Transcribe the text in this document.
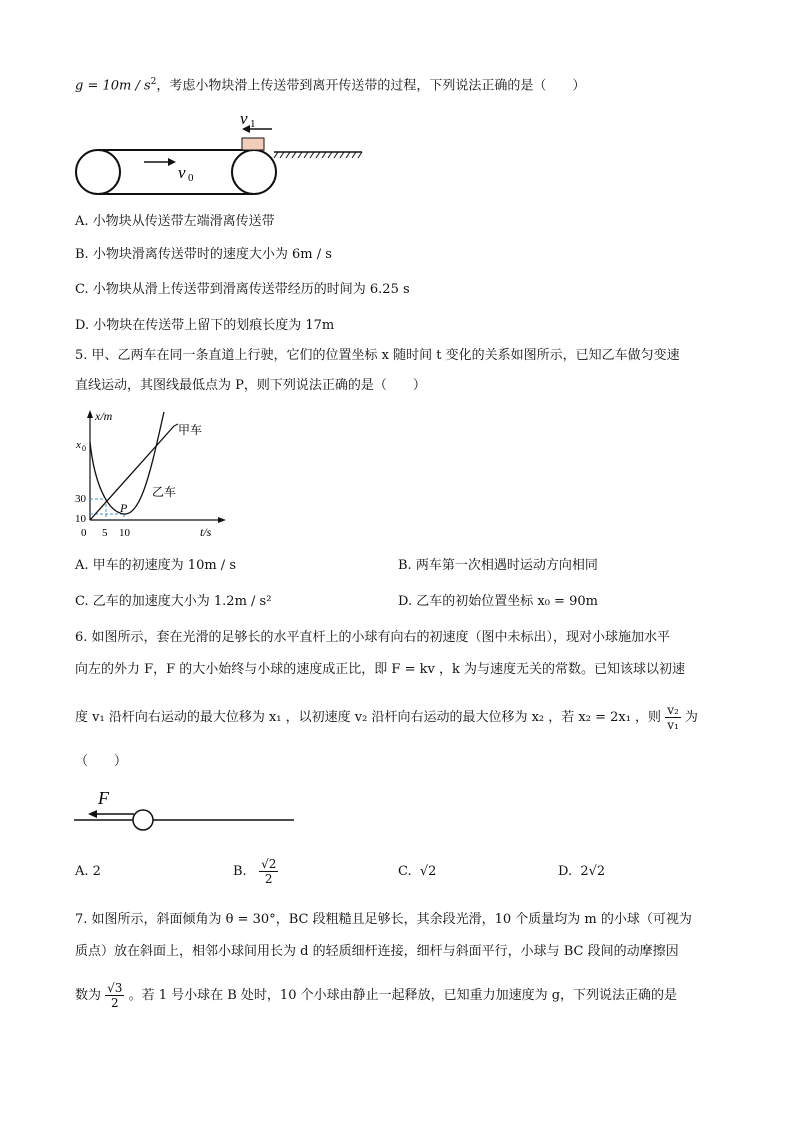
$g = 10m / s^2$，考虑小物块滑上传送带到离开传送带的过程，下列说法正确的是（　　）
v 1
v 0
A. 小物块从传送带左端滑离传送带
B. 小物块滑离传送带时的速度大小为 6m / s
C. 小物块从滑上传送带到滑离传送带经历的时间为 6.25 s
D. 小物块在传送带上留下的划痕长度为 17m
5. 甲、乙两车在同一条直道上行驶，它们的位置坐标 x 随时间 t 变化的关系如图所示，已知乙车做匀变速
直线运动，其图线最低点为 P，则下列说法正确的是（　　）
x/m
t/s
x 0
30
10
0 5 10
甲车
乙车
P
A. 甲车的初速度为 10m / s	B. 两车第一次相遇时运动方向相同
C. 乙车的加速度大小为 1.2m / s²	D. 乙车的初始位置坐标 x₀ = 90m
6. 如图所示，套在光滑的足够长的水平直杆上的小球有向右的初速度（图中未标出），现对小球施加水平
向左的外力 F，F 的大小始终与小球的速度成正比，即 F = kv ，k 为与速度无关的常数。已知该球以初速
度 v₁ 沿杆向右运动的最大位移为 x₁ ，以初速度 v₂ 沿杆向右运动的最大位移为 x₂ ，若 x₂ = 2x₁ ，则 $\frac{\text{v₂}}{\text{v₁}}$ 为
（　　）
F
A. 2	B. $\frac{√2}{2}$	C. √2	D. 2√2
7. 如图所示，斜面倾角为 θ = 30°，BC 段粗糙且足够长，其余段光滑，10 个质量均为 m 的小球（可视为
质点）放在斜面上，相邻小球间用长为 d 的轻质细杆连接，细杆与斜面平行，小球与 BC 段间的动摩擦因
数为 $\frac{√3}{2}$ 。若 1 号小球在 B 处时，10 个小球由静止一起释放，已知重力加速度为 g，下列说法正确的是
